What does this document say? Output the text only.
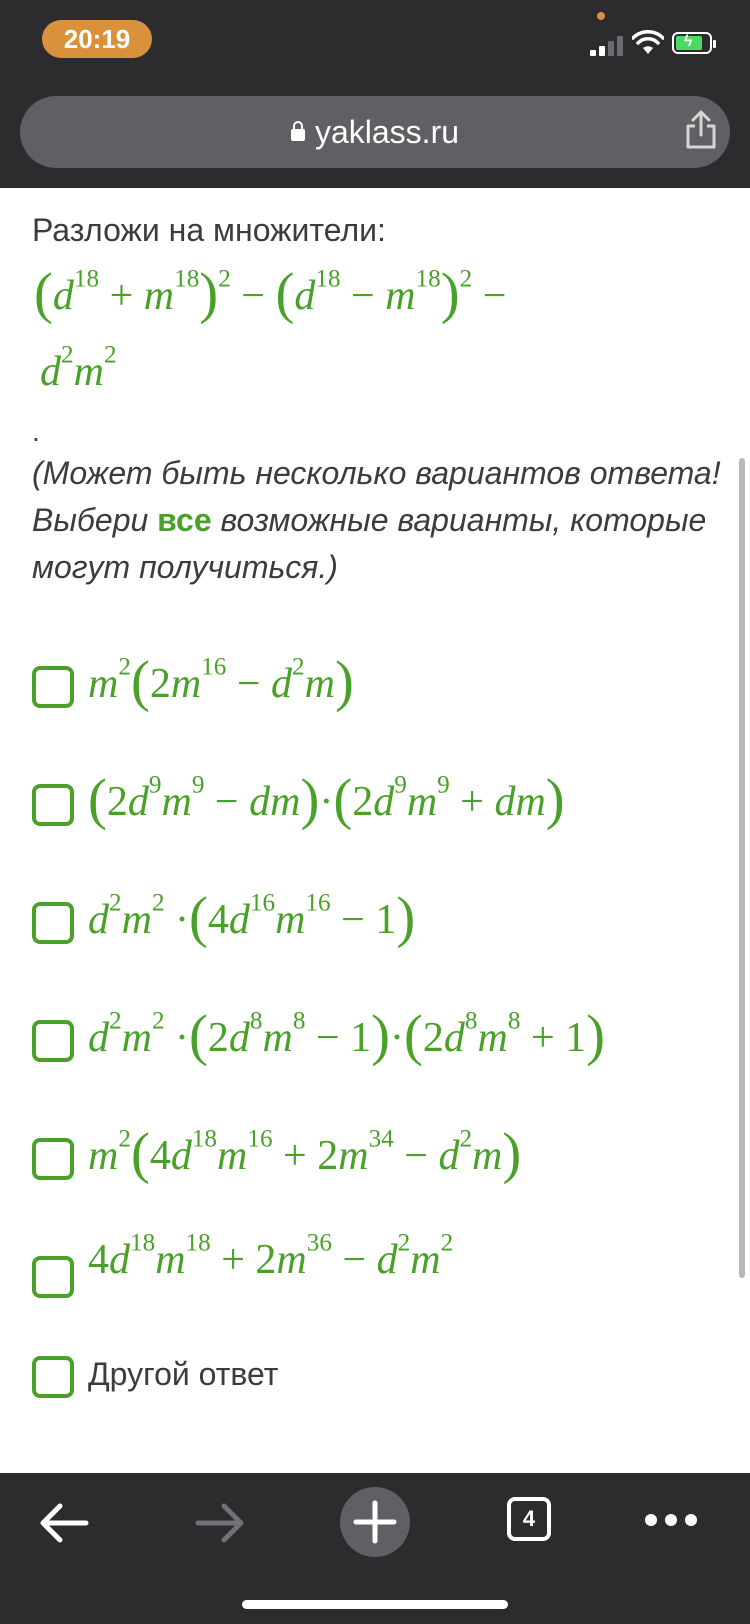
20:19	ϟ
yaklass.ru
Разложи на множители:
$(d^{18} + m^{18})^2 - (d^{18} - m^{18})^2$ −
$d^2m^2$
.
(Может быть несколько вариантов ответа! Выбери все возможные варианты, которые могут получиться.)
$m^2(2m^{16} - d^2m)$
$(2d^9m^9 - dm)\cdot(2d^9m^9 + dm)$
$d^2m^2 \cdot(4d^{16}m^{16} - 1)$
$d^2m^2 \cdot(2d^8m^8 - 1)\cdot(2d^8m^8 + 1)$
$m^2(4d^{18}m^{16} + 2m^{34} - d^2m)$
$4d^{18}m^{18} + 2m^{36} - d^2m^2$
Другой ответ
4
